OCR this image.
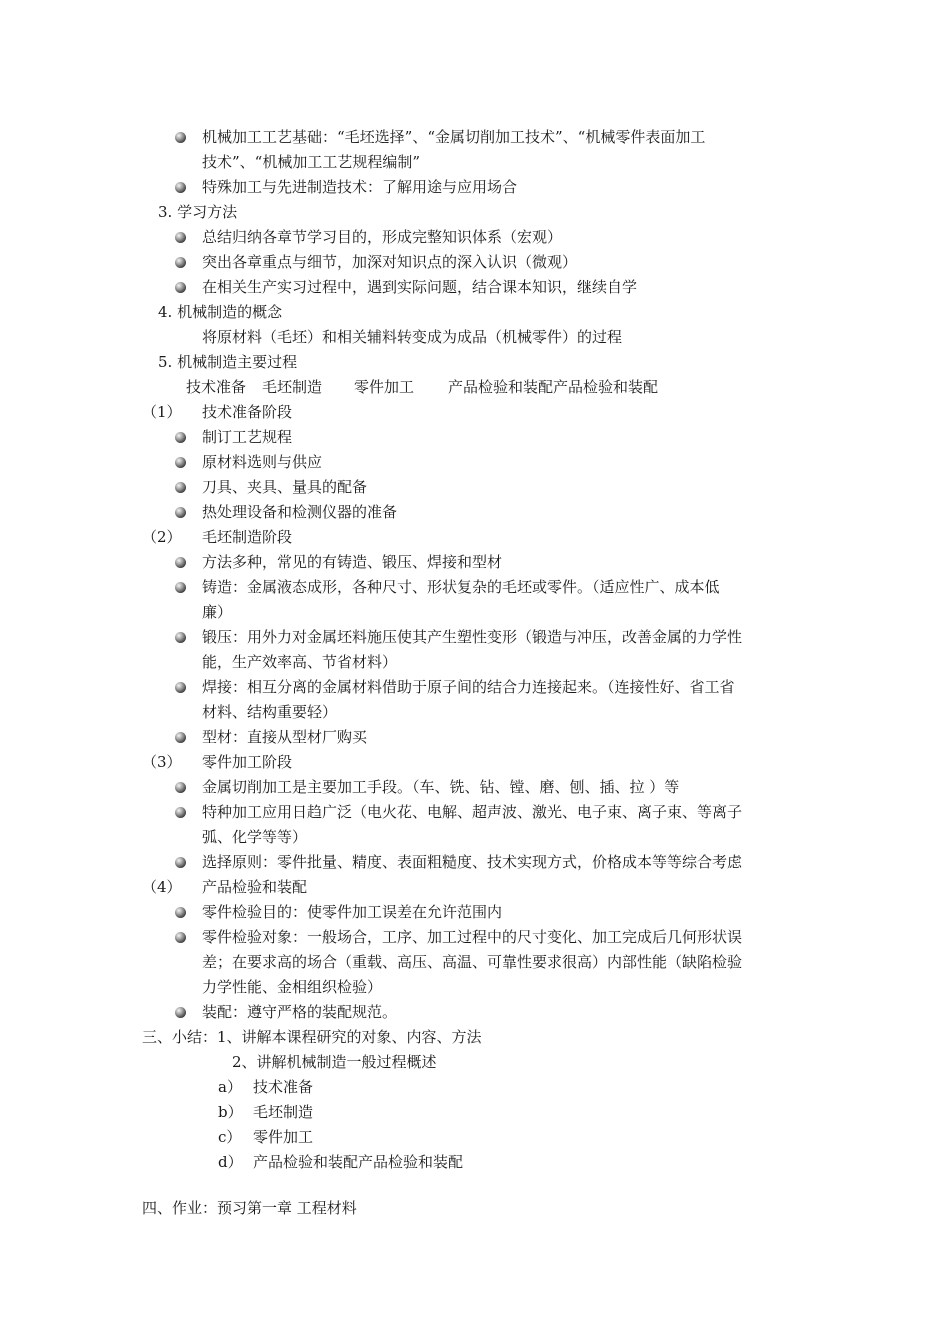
机械加工工艺基础：“毛坯选择”、“金属切削加工技术”、“机械零件表面加工
技术”、“机械加工工艺规程编制”
特殊加工与先进制造技术：了解用途与应用场合
3. 学习方法
总结归纳各章节学习目的，形成完整知识体系（宏观）
突出各章重点与细节，加深对知识点的深入认识（微观）
在相关生产实习过程中，遇到实际问题，结合课本知识，继续自学
4. 机械制造的概念
将原材料（毛坯）和相关辅料转变成为成品（机械零件）的过程
5. 机械制造主要过程
技术准备 毛坯制造 零件加工 产品检验和装配产品检验和装配
（1） 技术准备阶段
制订工艺规程
原材料选则与供应
刀具、夹具、量具的配备
热处理设备和检测仪器的准备
（2） 毛坯制造阶段
方法多种，常见的有铸造、锻压、焊接和型材
铸造：金属液态成形，各种尺寸、形状复杂的毛坯或零件。（适应性广、成本低
廉）
锻压：用外力对金属坯料施压使其产生塑性变形（锻造与冲压，改善金属的力学性
能，生产效率高、节省材料）
焊接：相互分离的金属材料借助于原子间的结合力连接起来。（连接性好、省工省
材料、结构重要轻）
型材：直接从型材厂购买
（3） 零件加工阶段
金属切削加工是主要加工手段。（车、铣、钻、镗、磨、刨、插、拉 ）等
特种加工应用日趋广泛（电火花、电解、超声波、激光、电子束、离子束、等离子
弧、化学等等）
选择原则：零件批量、精度、表面粗糙度、技术实现方式，价格成本等等综合考虑
（4） 产品检验和装配
零件检验目的：使零件加工误差在允许范围内
零件检验对象：一般场合，工序、加工过程中的尺寸变化、加工完成后几何形状误
差；在要求高的场合（重载、高压、高温、可靠性要求很高）内部性能（缺陷检验
力学性能、金相组织检验）
装配：遵守严格的装配规范。
三、小结：1、讲解本课程研究的对象、内容、方法
2、讲解机械制造一般过程概述
a） 技术准备
b） 毛坯制造
c） 零件加工
d） 产品检验和装配产品检验和装配
四、作业：预习第一章 工程材料
